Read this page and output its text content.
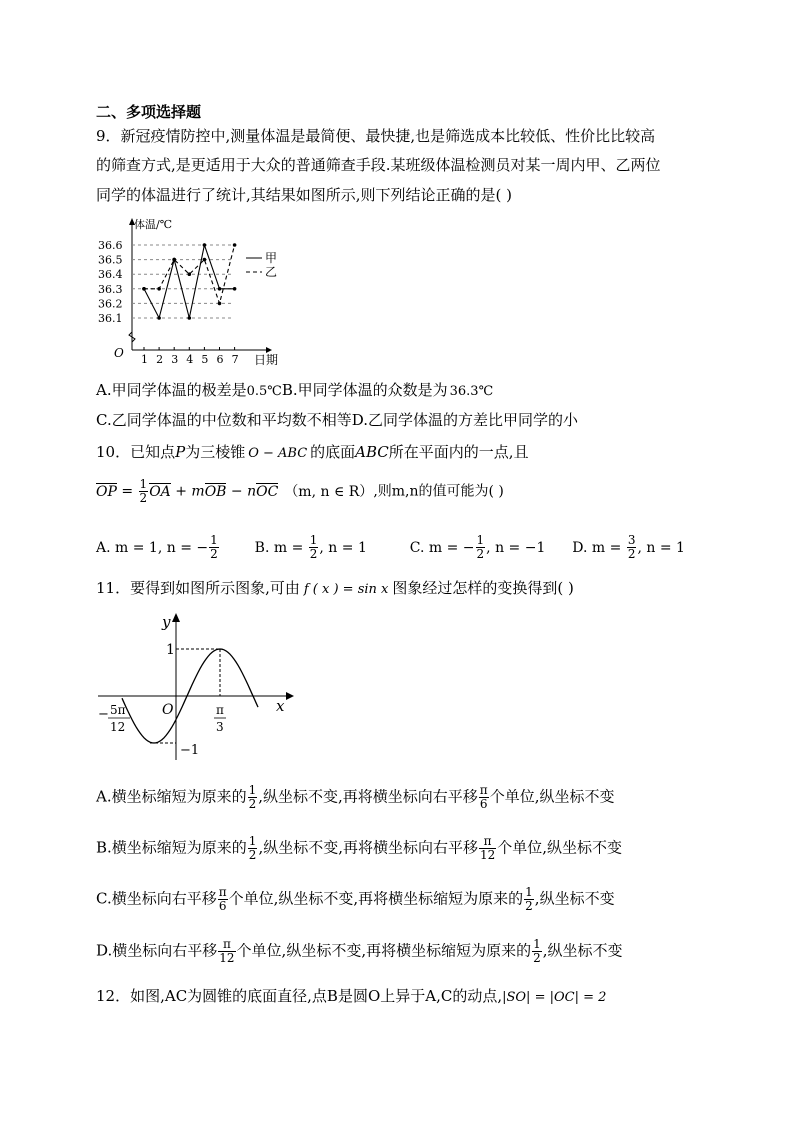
二、多项选择题
9．新冠疫情防控中,测量体温是最简便、最快捷,也是筛选成本比较低、性价比比较高
的筛查方式,是更适用于大众的普通筛查手段.某班级体温检测员对某一周内甲、乙两位
同学的体温进行了统计,其结果如图所示,则下列结论正确的是( )
体温/℃
日期
O
36.1
36.2
36.3
36.4
36.5
36.6
1 2 3 4 5 6 7
甲
乙
A.甲同学体温的极差是0.5℃B.甲同学体温的众数是为 36.3℃
C.乙同学体温的中位数和平均数不相等D.乙同学体温的方差比甲同学的小
10．已知点P为三棱锥 O − ABC 的底面ABC所在平面内的一点,且
OP = $\frac{1}{2}$ OA + mOB − nOC （m, n ∈ R）,则m,n的值可能为( )
A. m = 1, n = − $\frac{1}{2}$	B. $m = \frac{1}{2}$ , n = 1	C. m = − $\frac{1}{2}$ , n = −1 D. $m = \frac{3}{2}$ , n = 1
11．要得到如图所示图象,可由 f ( x ) = sin x 图象经过怎样的变换得到( )
y
x
O
1
−1
− 5π
12
π
3
A.横坐标缩短为原来的 $\frac{1}{2}$ ,纵坐标不变,再将横坐标向右平移 $\frac{\pi}{6}$ 个单位,纵坐标不变
B.横坐标缩短为原来的 $\frac{1}{2}$ ,纵坐标不变,再将横坐标向右平移 $\frac{\pi}{12}$ 个单位,纵坐标不变
C.横坐标向右平移 $\frac{\pi}{6}$ 个单位,纵坐标不变,再将横坐标缩短为原来的 $\frac{1}{2}$ ,纵坐标不变
D.横坐标向右平移 $\frac{\pi}{12}$ 个单位,纵坐标不变,再将横坐标缩短为原来的 $\frac{1}{2}$ ,纵坐标不变
12．如图,AC为圆锥的底面直径,点B是圆O上异于A,C的动点,|SO| = |OC| = 2
